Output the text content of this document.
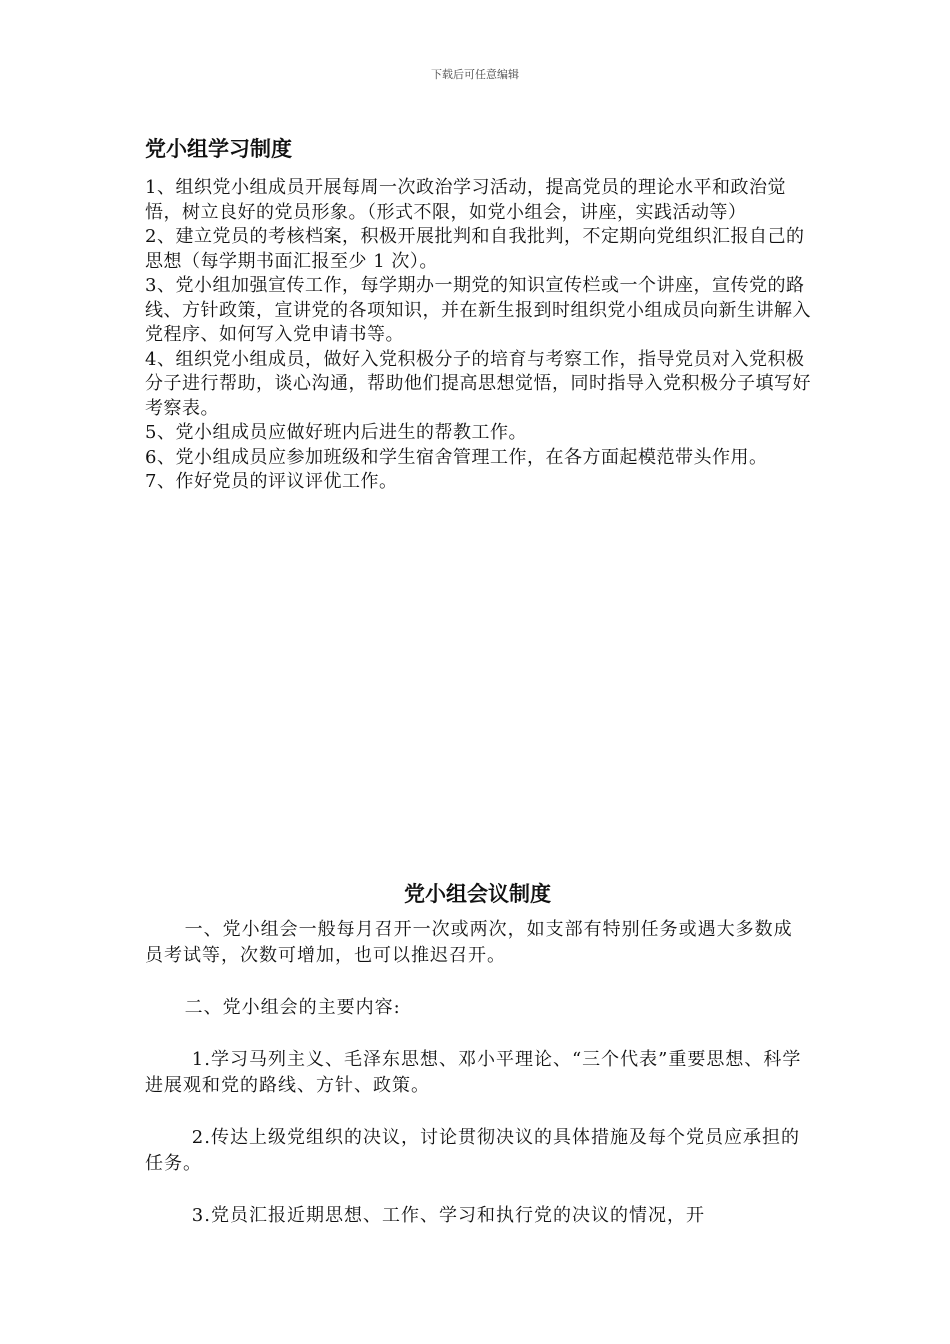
下载后可任意编辑
党小组学习制度

1、组织党小组成员开展每周一次政治学习活动，提高党员的理论水平和政治觉悟，树立良好的党员形象。（形式不限，如党小组会，讲座，实践活动等）

2、建立党员的考核档案，积极开展批判和自我批判，不定期向党组织汇报自己的思想（每学期书面汇报至少 1 次）。

3、党小组加强宣传工作，每学期办一期党的知识宣传栏或一个讲座，宣传党的路线、方针政策，宣讲党的各项知识，并在新生报到时组织党小组成员向新生讲解入党程序、如何写入党申请书等。

4、组织党小组成员，做好入党积极分子的培育与考察工作，指导党员对入党积极分子进行帮助，谈心沟通，帮助他们提高思想觉悟，同时指导入党积极分子填写好考察表。

5、党小组成员应做好班内后进生的帮教工作。

6、党小组成员应参加班级和学生宿舍管理工作，在各方面起模范带头作用。

7、作好党员的评议评优工作。

党小组会议制度

一、党小组会一般每月召开一次或两次，如支部有特别任务或遇大多数成员考试等，次数可增加，也可以推迟召开。

二、党小组会的主要内容:

1.学习马列主义、毛泽东思想、邓小平理论、“三个代表”重要思想、科学进展观和党的路线、方针、政策。

2.传达上级党组织的决议，讨论贯彻决议的具体措施及每个党员应承担的任务。

3.党员汇报近期思想、工作、学习和执行党的决议的情况，开
